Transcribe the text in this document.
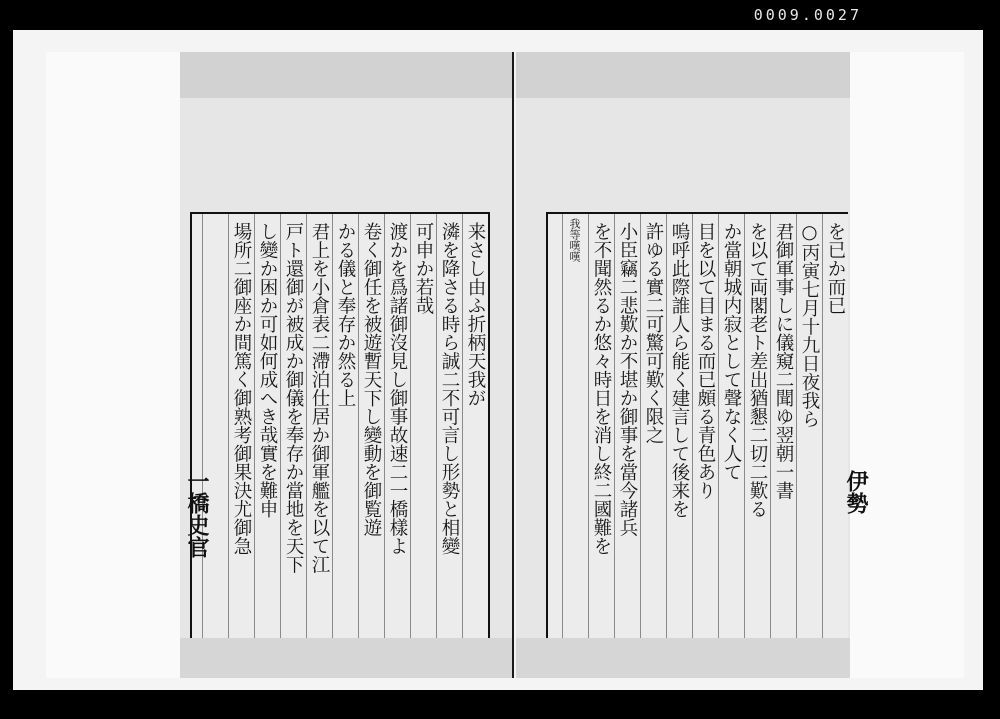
0009.0027
来さし由ふ折柄天我が
潾を降さる時ら誠二不可言し形勢と相變
可申か若哉
渡かを爲諸御沒見し御事故速二一橋樣よ
卷く御任を被遊暫天下し變動を御覧遊
かる儀と奉存か然る上
君上を小倉表二滯泊仕居か御軍艦を以て江
戸ト還御が被成か御儀を奉存か當地を天下
し變か困か可如何成へき哉實を難申
場所二御座か間篤く御熟考御果決尤御急	を已か而已
○丙寅七月十九日夜我ら
君御軍事しに儀窺二聞ゆ翌朝一書
を以て両閣老ト差出猶懇二切二歎る
か當朝城内寂として聲なく人て
目を以て目まる而已頗る青色あり
嗚呼此際誰人ら能く建言して後来を
許ゆる實二可驚可歎く限之
小臣竊二悲歎か不堪か御事を當今諸兵
を不聞然るか悠々時日を消し終二國難を
我等嘆嘆
一橋史官	伊勢
